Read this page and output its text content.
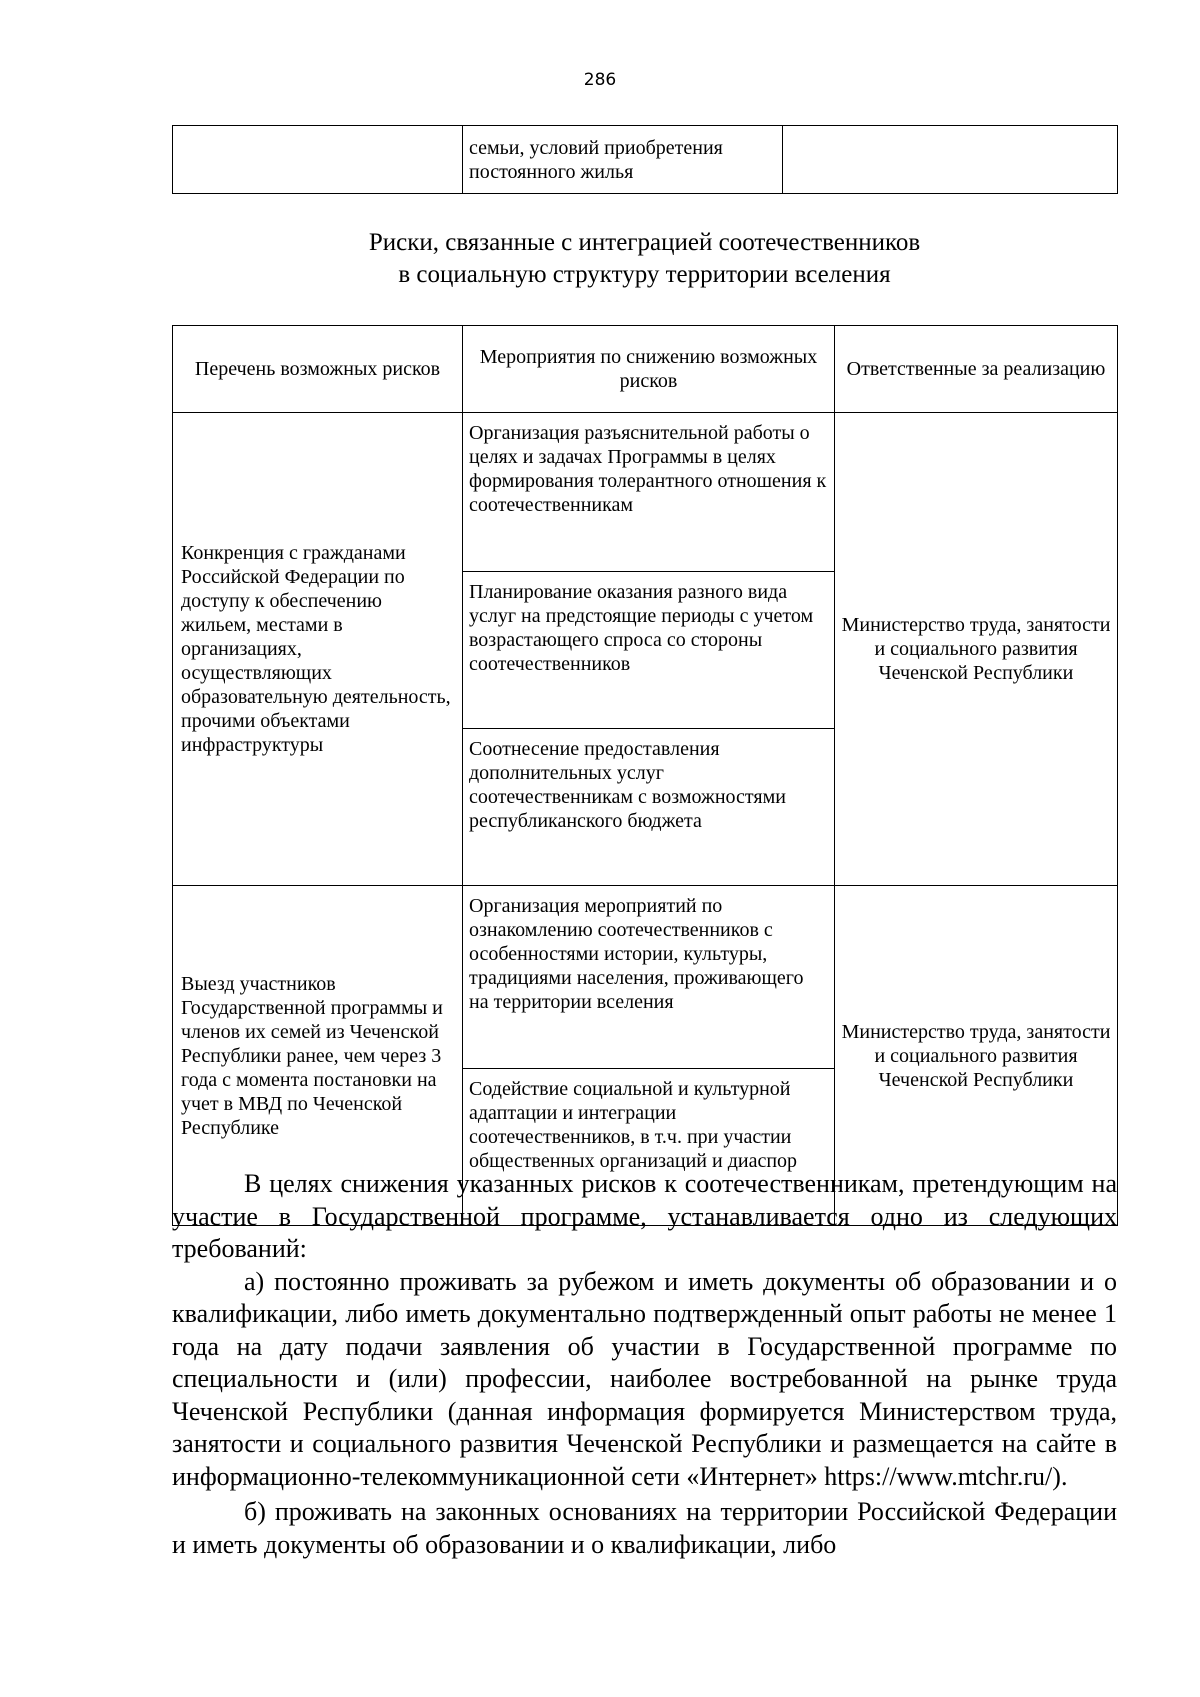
286
	семьи, условий приобретения постоянного жилья	
Риски, связанные с интеграцией соотечественников
в социальную структуру территории вселения
Перечень возможных рисков	Мероприятия по снижению возможных рисков	Ответственные за реализацию
Конкренция с гражданами Российской Федерации по доступу к обеспечению жильем, местами в организациях, осуществляющих образовательную деятельность, прочими объектами инфраструктуры	Организация разъяснительной работы о целях и задачах Программы в целях формирования толерантного отношения к соотечественникам	Министерство труда, занятости и социального развития Чеченской Республики
	Планирование оказания разного вида услуг на предстоящие периоды с учетом возрастающего спроса со стороны соотечественников	
	Соотнесение предоставления дополнительных услуг соотечественникам с возможностями республиканского бюджета	
Выезд участников Государственной программы и членов их семей из Чеченской Республики ранее, чем через 3 года с момента постановки на учет в МВД по Чеченской Республике	Организация мероприятий по ознакомлению соотечественников с особенностями истории, культуры, традициями населения, проживающего на территории вселения	Министерство труда, занятости и социального развития Чеченской Республики
	Содействие социальной и культурной адаптации и интеграции соотечественников, в т.ч. при участии общественных организаций и диаспор	

В целях снижения указанных рисков к соотечественникам, претендующим на участие в Государственной программе, устанавливается одно из следующих требований:

а) постоянно проживать за рубежом и иметь документы об образовании и о квалификации, либо иметь документально подтвержденный опыт работы не менее 1 года на дату подачи заявления об участии в Государственной программе по специальности и (или) профессии, наиболее востребованной на рынке труда Чеченской Республики (данная информация формируется Министерством труда, занятости и социального развития Чеченской Республики и размещается на сайте в информационно-телекоммуникационной сети «Интернет» https://www.mtchr.ru/).

б) проживать на законных основаниях на территории Российской Федерации и иметь документы об образовании и о квалификации, либо
